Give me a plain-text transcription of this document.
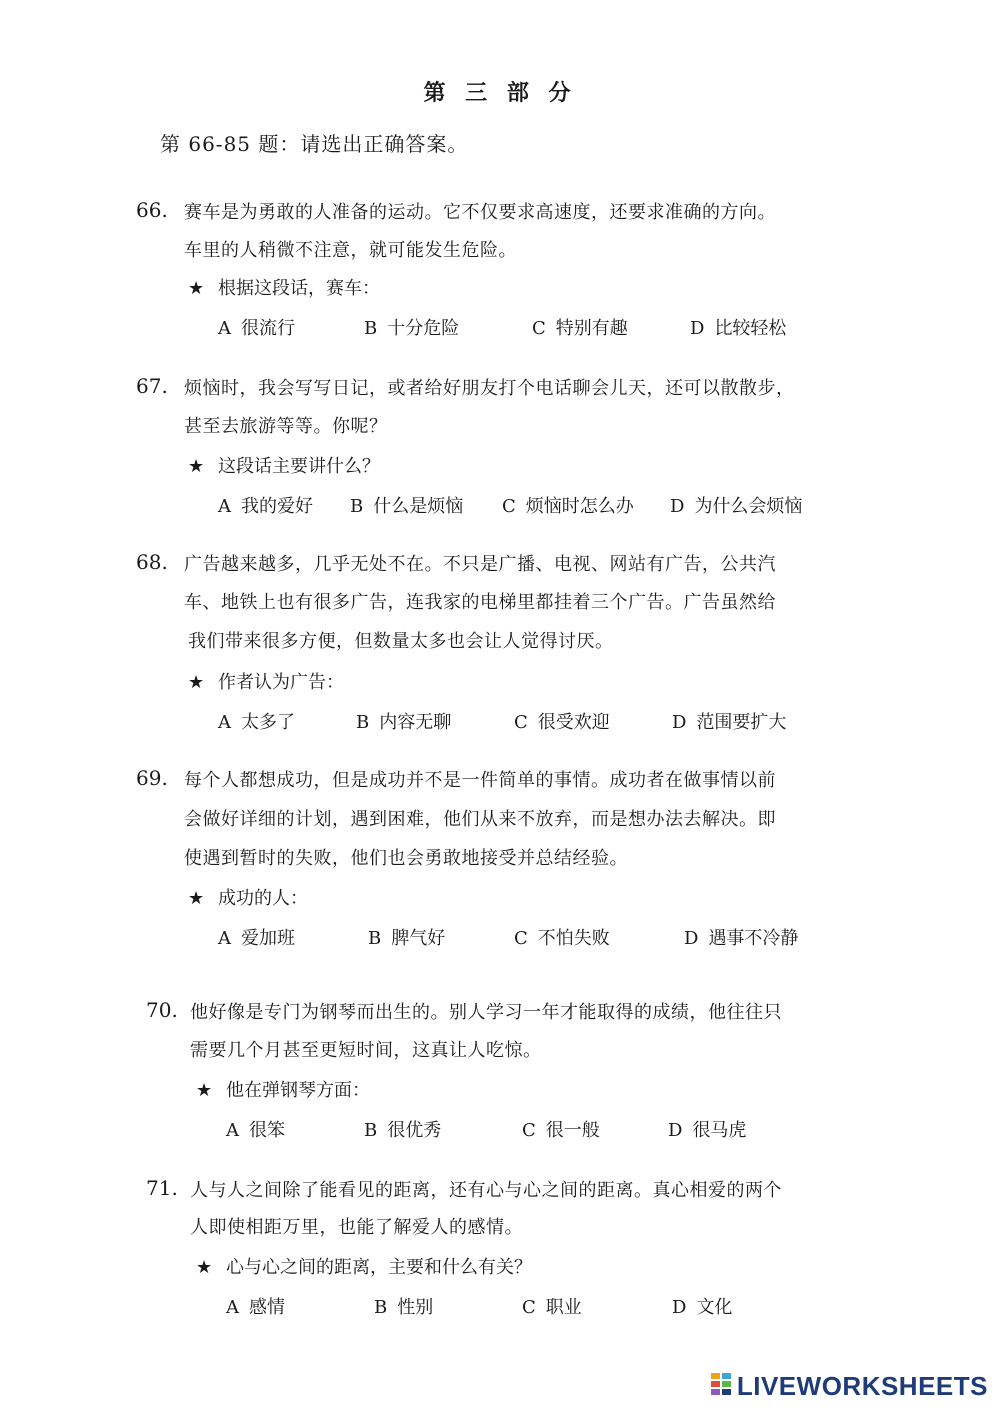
第 三 部 分
第 66-85 题：请选出正确答案。
66. 赛车是为勇敢的人准备的运动。它不仅要求高速度，还要求准确的方向。
车里的人稍微不注意，就可能发生危险。
★ 根据这段话，赛车：
A 很流行	B 十分危险	C 特别有趣	D 比较轻松
67. 烦恼时，我会写写日记，或者给好朋友打个电话聊会儿天，还可以散散步，
甚至去旅游等等。你呢？
★ 这段话主要讲什么？
A 我的爱好 B 什么是烦恼 C 烦恼时怎么办 D 为什么会烦恼
68. 广告越来越多，几乎无处不在。不只是广播、电视、网站有广告，公共汽
车、地铁上也有很多广告，连我家的电梯里都挂着三个广告。广告虽然给
我们带来很多方便，但数量太多也会让人觉得讨厌。
★ 作者认为广告：
A 太多了	B 内容无聊	C 很受欢迎	D 范围要扩大
69. 每个人都想成功，但是成功并不是一件简单的事情。成功者在做事情以前
会做好详细的计划，遇到困难，他们从来不放弃，而是想办法去解决。即
使遇到暂时的失败，他们也会勇敢地接受并总结经验。
★ 成功的人：
A 爱加班	B 脾气好	C 不怕失败	D 遇事不冷静
70. 他好像是专门为钢琴而出生的。别人学习一年才能取得的成绩，他往往只
需要几个月甚至更短时间，这真让人吃惊。
★ 他在弹钢琴方面：
A 很笨	B 很优秀	C 很一般	D 很马虎
71. 人与人之间除了能看见的距离，还有心与心之间的距离。真心相爱的两个
人即使相距万里，也能了解爱人的感情。
★ 心与心之间的距离，主要和什么有关？
A 感情	B 性别	C 职业	D 文化
LIVEWORKSHEETS
